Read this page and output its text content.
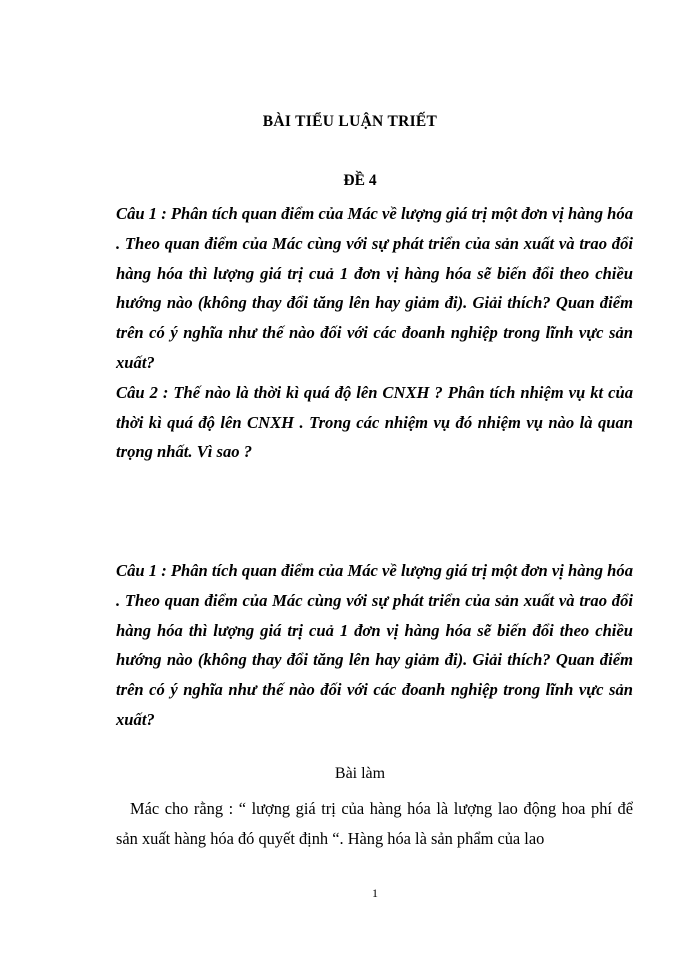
BÀI TIỂU LUẬN TRIẾT
ĐỀ 4

Câu 1 : Phân tích quan điểm của Mác về lượng giá trị một đơn vị hàng hóa . Theo quan điểm của Mác cùng với sự phát triển của sản xuất và trao đổi hàng hóa thì lượng giá trị cuả 1 đơn vị hàng hóa sẽ biến đổi theo chiều hướng nào (không thay đổi tăng lên hay giảm đi). Giải thích? Quan điểm trên có ý nghĩa như thế nào đối với các đoanh nghiệp trong lĩnh vực sản xuất?

Câu 2 : Thế nào là thời kì quá độ lên CNXH ? Phân tích nhiệm vụ kt của thời kì quá độ lên CNXH . Trong các nhiệm vụ đó nhiệm vụ nào là quan trọng nhất. Vì sao ?

Câu 1 : Phân tích quan điểm của Mác về lượng giá trị một đơn vị hàng hóa . Theo quan điểm của Mác cùng với sự phát triển của sản xuất và trao đổi hàng hóa thì lượng giá trị cuả 1 đơn vị hàng hóa sẽ biến đổi theo chiều hướng nào (không thay đổi tăng lên hay giảm đi). Giải thích? Quan điểm trên có ý nghĩa như thế nào đối với các đoanh nghiệp trong lĩnh vực sản xuất?

Bài làm
Mác cho rằng : “ lượng giá trị của hàng hóa là lượng lao động hoa phí để sản xuất hàng hóa đó quyết định “. Hàng hóa là sản phẩm của lao
1
